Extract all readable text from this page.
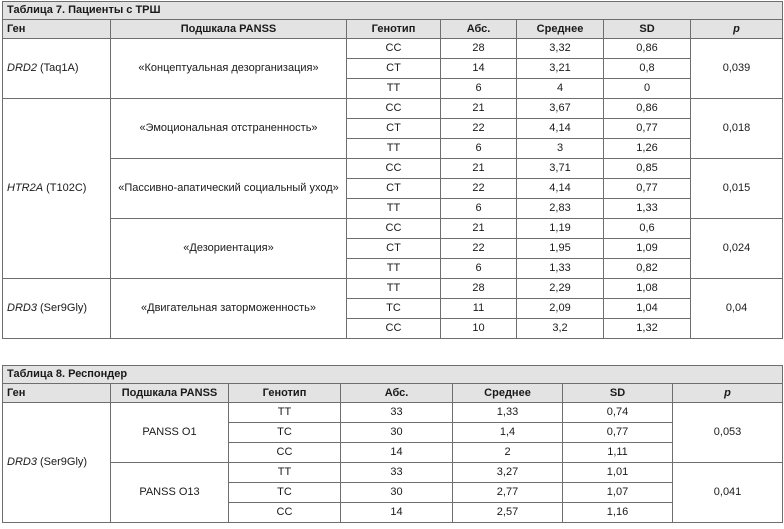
Таблица 7. Пациенты с ТРШ						
Ген	Подшкала PANSS	Генотип	Абс.	Среднее	SD	p
DRD2 (Taq1A)	«Концептуальная дезорганизация»	CC	28	3,32	0,86	0,039
		CT	14	3,21	0,8	
		TT	6	4	0	
HTR2A (T102C)	«Эмоциональная отстраненность»	CC	21	3,67	0,86	0,018
		CT	22	4,14	0,77	
		TT	6	3	1,26	
	«Пассивно-апатический социальный уход»	CC	21	3,71	0,85	0,015
		CT	22	4,14	0,77	
		TT	6	2,83	1,33	
	«Дезориентация»	CC	21	1,19	0,6	0,024
		CT	22	1,95	1,09	
		TT	6	1,33	0,82	
DRD3 (Ser9Gly)	«Двигательная заторможенность»	TT	28	2,29	1,08	0,04
		TC	11	2,09	1,04	
		CC	10	3,2	1,32	
Таблица 8. Респондер						
Ген	Подшкала PANSS	Генотип	Абс.	Среднее	SD	p
DRD3 (Ser9Gly)	PANSS O1	TT	33	1,33	0,74	0,053
		TC	30	1,4	0,77	
		CC	14	2	1,11	
	PANSS O13	TT	33	3,27	1,01	0,041
		TC	30	2,77	1,07	
		CC	14	2,57	1,16	
